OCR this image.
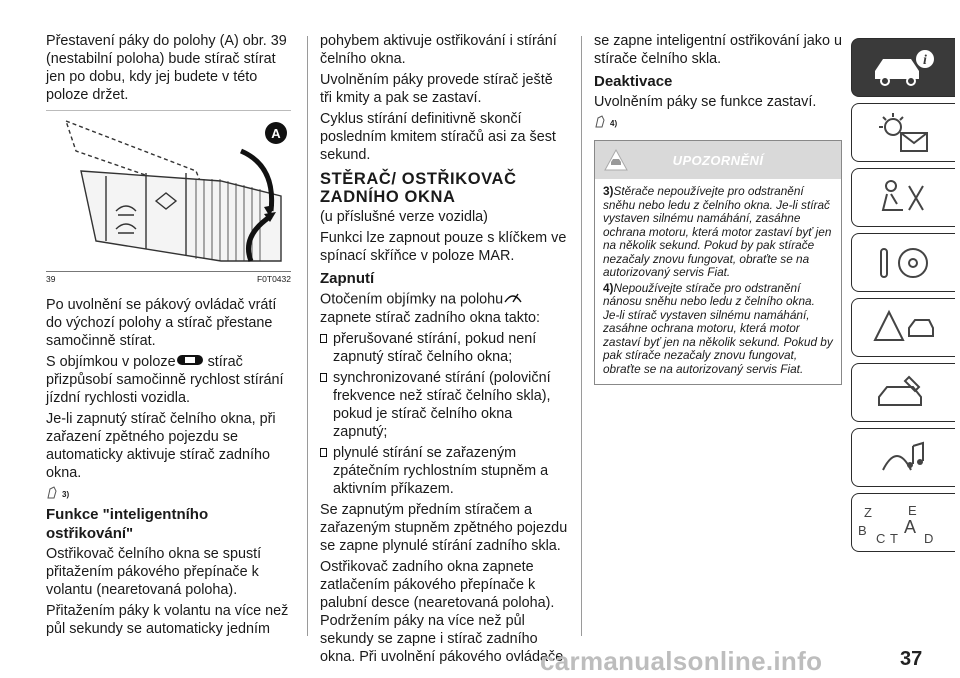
Přestavení páky do polohy (A) obr. 39 (nestabilní poloha) bude stírač stírat jen po dobu, kdy jej budete v této poloze držet.

A
39	F0T0432

Po uvolnění se pákový ovládač vrátí do výchozí polohy a stírač přestane samočinně stírat.

S objímkou v poloze stírač přizpůsobí samočinně rychlost stírání jízdní rychlosti vozidla.

Je-li zapnutý stírač čelního okna, při zařazení zpětného pojezdu se automaticky aktivuje stírač zadního okna.

3)
Funkce "inteligentního ostřikování"

Ostřikovač čelního okna se spustí přitažením pákového přepínače k volantu (nearetovaná poloha).

Přitažením páky k volantu na více než půl sekundy se automaticky jedním

pohybem aktivuje ostřikování i stírání čelního okna.

Uvolněním páky provede stírač ještě tři kmity a pak se zastaví.

Cyklus stírání definitivně skončí posledním kmitem stíračů asi za šest sekund.

STĚRAČ/ OSTŘIKOVAČ ZADNÍHO OKNA

(u příslušné verze vozidla)

Funkci lze zapnout pouze s klíčkem ve spínací skříňce v poloze MAR.

Zapnutí

Otočením objímky na polohu zapnete stírač zadního okna takto:

přerušované stírání, pokud není zapnutý stírač čelního okna;

synchronizované stírání (poloviční frekvence než stírač čelního skla), pokud je stírač čelního okna zapnutý;

plynulé stírání se zařazeným zpátečním rychlostním stupněm a aktivním příkazem.

Se zapnutým předním stíračem a zařazeným stupněm zpětného pojezdu se zapne plynulé stírání zadního skla.

Ostřikovač zadního okna zapnete zatlačením pákového přepínače k palubní desce (nearetovaná poloha). Podržením páky na více než půl sekundy se zapne i stírač zadního okna. Při uvolnění pákového ovládače

se zapne inteligentní ostřikování jako u stírače čelního skla.

Deaktivace

Uvolněním páky se funkce zastaví.

4)
UPOZORNĚNÍ

3)Stěrače nepoužívejte pro odstranění sněhu nebo ledu z čelního okna. Je-li stírač vystaven silnému namáhání, zasáhne ochrana motoru, která motor zastaví byť jen na několik sekund. Pokud by pak stírače nezačaly znovu fungovat, obraťte se na autorizovaný servis Fiat.

4)Nepoužívejte stírače pro odstranění nánosu sněhu nebo ledu z čelního okna. Je-li stírač vystaven silnému namáhání, zasáhne ochrana motoru, která motor zastaví byť jen na několik sekund. Pokud by pak stírače nezačaly znovu fungovat, obraťte se na autorizovaný servis Fiat.

i
Z	E
B A
C T D
carmanualsonline.info	37
